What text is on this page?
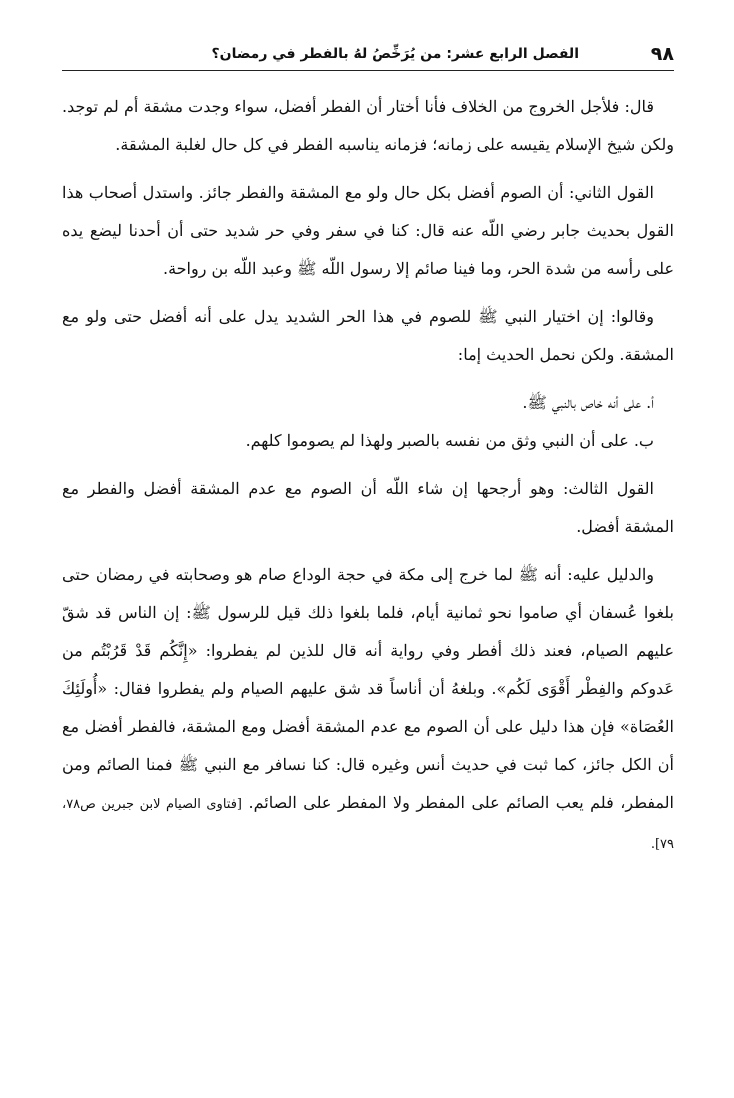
٩٨
الفصل الرابع عشر: من يُرَخِّصُ لهُ بالفطر في رمضان؟

قال: فلأجل الخروج من الخلاف فأنا أختار أن الفطر أفضل، سواء وجدت مشقة أم لم توجد. ولكن شيخ الإسلام يقيسه على زمانه؛ فزمانه يناسبه الفطر في كل حال لغلبة المشقة.

القول الثاني: أن الصوم أفضل بكل حال ولو مع المشقة والفطر جائز. واستدل أصحاب هذا القول بحديث جابر رضي اللّه عنه قال: كنا في سفر وفي حر شديد حتى أن أحدنا ليضع يده على رأسه من شدة الحر، وما فينا صائم إلا رسول اللّه ﷺ وعبد اللّه بن رواحة.

وقالوا: إن اختيار النبي ﷺ للصوم في هذا الحر الشديد يدل على أنه أفضل حتى ولو مع المشقة. ولكن نحمل الحديث إما:

أ. على أنه خاص بالنبي ﷺ.

ب. على أن النبي وثق من نفسه بالصبر ولهذا لم يصوموا كلهم.

القول الثالث: وهو أرجحها إن شاء اللّه أن الصوم مع عدم المشقة أفضل والفطر مع المشقة أفضل.

والدليل عليه: أنه ﷺ لما خرج إلى مكة في حجة الوداع صام هو وصحابته في رمضان حتى بلغوا عُسفان أي صاموا نحو ثمانية أيام، فلما بلغوا ذلك قيل للرسول ﷺ: إن الناس قد شقّ عليهم الصيام، فعند ذلك أفطر وفي رواية أنه قال للذين لم يفطروا: «إِنَّكُم قَدْ قَرُبْتُم من عَدوكم والفِطْر أَقْوَى لَكُم». وبلغهُ أن أناساً قد شق عليهم الصيام ولم يفطروا فقال: «أُولَئِكَ العُصَاة» فإن هذا دليل على أن الصوم مع عدم المشقة أفضل ومع المشقة، فالفطر أفضل مع أن الكل جائز، كما ثبت في حديث أنس وغيره قال: كنا نسافر مع النبي ﷺ فمنا الصائم ومن المفطر، فلم يعب الصائم على المفطر ولا المفطر على الصائم. [فتاوى الصيام لابن جبرين ص٧٨، ٧٩].
